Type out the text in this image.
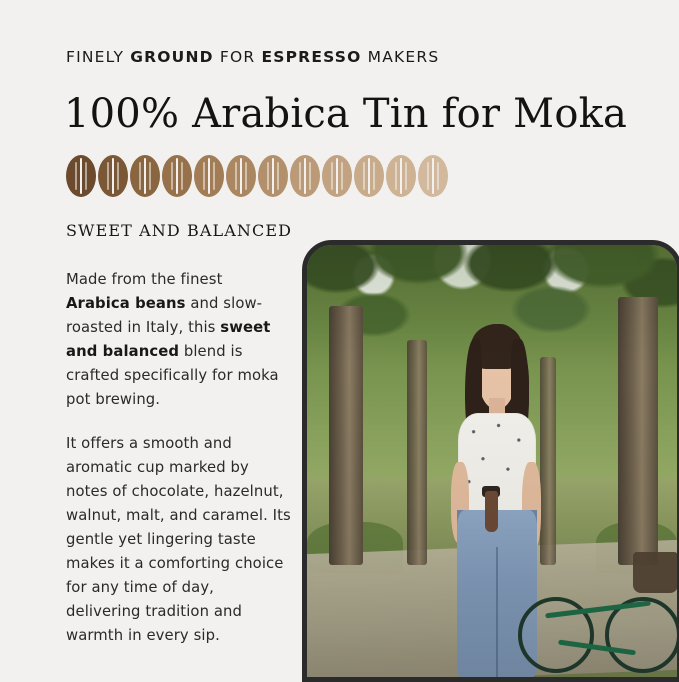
FINELY GROUND FOR ESPRESSO MAKERS
100% Arabica Tin for Moka
SWEET AND BALANCED

Made from the finest Arabica beans and slow-roasted in Italy, this sweet and balanced blend is crafted specifically for moka pot brewing.

It offers a smooth and aromatic cup marked by notes of chocolate, hazelnut, walnut, malt, and caramel. Its gentle yet lingering taste makes it a comforting choice for any time of day, delivering tradition and warmth in every sip.
